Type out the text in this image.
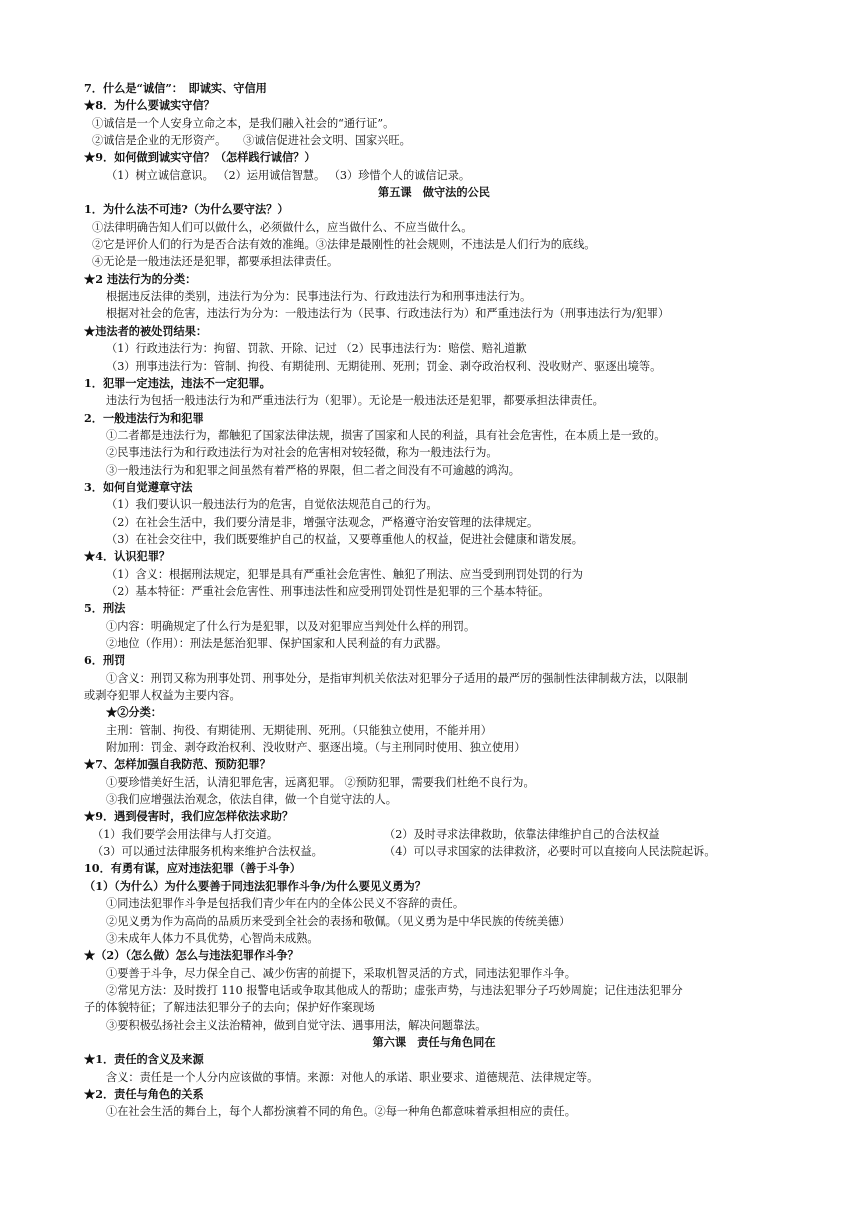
7．什么是“诚信”：　即诚实、守信用
★8．为什么要诚实守信？
①诚信是一个人安身立命之本，是我们融入社会的“通行证”。
②诚信是企业的无形资产。　　③诚信促进社会文明、国家兴旺。
★9．如何做到诚实守信？（怎样践行诚信？）
（1）树立诚信意识。 （2）运用诚信智慧。 （3）珍惜个人的诚信记录。
第五课　做守法的公民
1．为什么法不可违?（为什么要守法？）
①法律明确告知人们可以做什么，必须做什么，应当做什么、不应当做什么。
②它是评价人们的行为是否合法有效的准绳。③法律是最刚性的社会规则，不违法是人们行为的底线。
④无论是一般违法还是犯罪，都要承担法律责任。
★2 违法行为的分类：
根据违反法律的类别，违法行为分为：民事违法行为、行政违法行为和刑事违法行为。
根据对社会的危害，违法行为分为：一般违法行为（民事、行政违法行为）和严重违法行为（刑事违法行为/犯罪）
★违法者的被处罚结果：
（1）行政违法行为：拘留、罚款、开除、记过 （2）民事违法行为：赔偿、赔礼道歉
（3）刑事违法行为：管制、拘役、有期徒刑、无期徒刑、死刑；罚金、剥夺政治权利、没收财产、驱逐出境等。
1．犯罪一定违法，违法不一定犯罪。
违法行为包括一般违法行为和严重违法行为（犯罪）。无论是一般违法还是犯罪，都要承担法律责任。
2．一般违法行为和犯罪
①二者都是违法行为，都触犯了国家法律法规，损害了国家和人民的利益，具有社会危害性，在本质上是一致的。
②民事违法行为和行政违法行为对社会的危害相对较轻微，称为一般违法行为。
③一般违法行为和犯罪之间虽然有着严格的界限，但二者之间没有不可逾越的鸿沟。
3．如何自觉遵章守法
（1）我们要认识一般违法行为的危害，自觉依法规范自己的行为。
（2）在社会生活中，我们要分清是非，增强守法观念，严格遵守治安管理的法律规定。
（3）在社会交往中，我们既要维护自己的权益，又要尊重他人的权益，促进社会健康和谐发展。
★4．认识犯罪？
（1）含义：根据刑法规定，犯罪是具有严重社会危害性、触犯了刑法、应当受到刑罚处罚的行为
（2）基本特征：严重社会危害性、刑事违法性和应受刑罚处罚性是犯罪的三个基本特征。
5．刑法
①内容：明确规定了什么行为是犯罪，以及对犯罪应当判处什么样的刑罚。
②地位（作用）：刑法是惩治犯罪、保护国家和人民利益的有力武器。
6．刑罚
①含义：刑罚又称为刑事处罚、刑事处分，是指审判机关依法对犯罪分子适用的最严厉的强制性法律制裁方法，以限制
或剥夺犯罪人权益为主要内容。
★②分类：
主刑：管制、拘役、有期徒刑、无期徒刑、死刑。（只能独立使用，不能并用）
附加刑：罚金、剥夺政治权利、没收财产、驱逐出境。（与主刑同时使用、独立使用）
★7、怎样加强自我防范、预防犯罪？
①要珍惜美好生活，认清犯罪危害，远离犯罪。 ②预防犯罪，需要我们杜绝不良行为。
③我们应增强法治观念，依法自律，做一个自觉守法的人。
★9．遇到侵害时，我们应怎样依法求助？
（1）我们要学会用法律与人打交道。	（2）及时寻求法律救助，依靠法律维护自己的合法权益
（3）可以通过法律服务机构来维护合法权益。	（4）可以寻求国家的法律救济，必要时可以直接向人民法院起诉。
10．有勇有谋，应对违法犯罪（善于斗争）
（1）（为什么）为什么要善于同违法犯罪作斗争/为什么要见义勇为？
①同违法犯罪作斗争是包括我们青少年在内的全体公民义不容辞的责任。
②见义勇为作为高尚的品质历来受到全社会的表扬和敬佩。（见义勇为是中华民族的传统美德）
③未成年人体力不具优势，心智尚未成熟。
★（2）（怎么做）怎么与违法犯罪作斗争？
①要善于斗争，尽力保全自己、减少伤害的前提下，采取机智灵活的方式，同违法犯罪作斗争。
②常见方法：及时拨打 110 报警电话或争取其他成人的帮助；虚张声势，与违法犯罪分子巧妙周旋；记住违法犯罪分
子的体貌特征；了解违法犯罪分子的去向；保护好作案现场
③要积极弘扬社会主义法治精神，做到自觉守法、遇事用法，解决问题靠法。
第六课　责任与角色同在
★1．责任的含义及来源
含义：责任是一个人分内应该做的事情。来源：对他人的承诺、职业要求、道德规范、法律规定等。
★2．责任与角色的关系
①在社会生活的舞台上，每个人都扮演着不同的角色。②每一种角色都意味着承担相应的责任。
